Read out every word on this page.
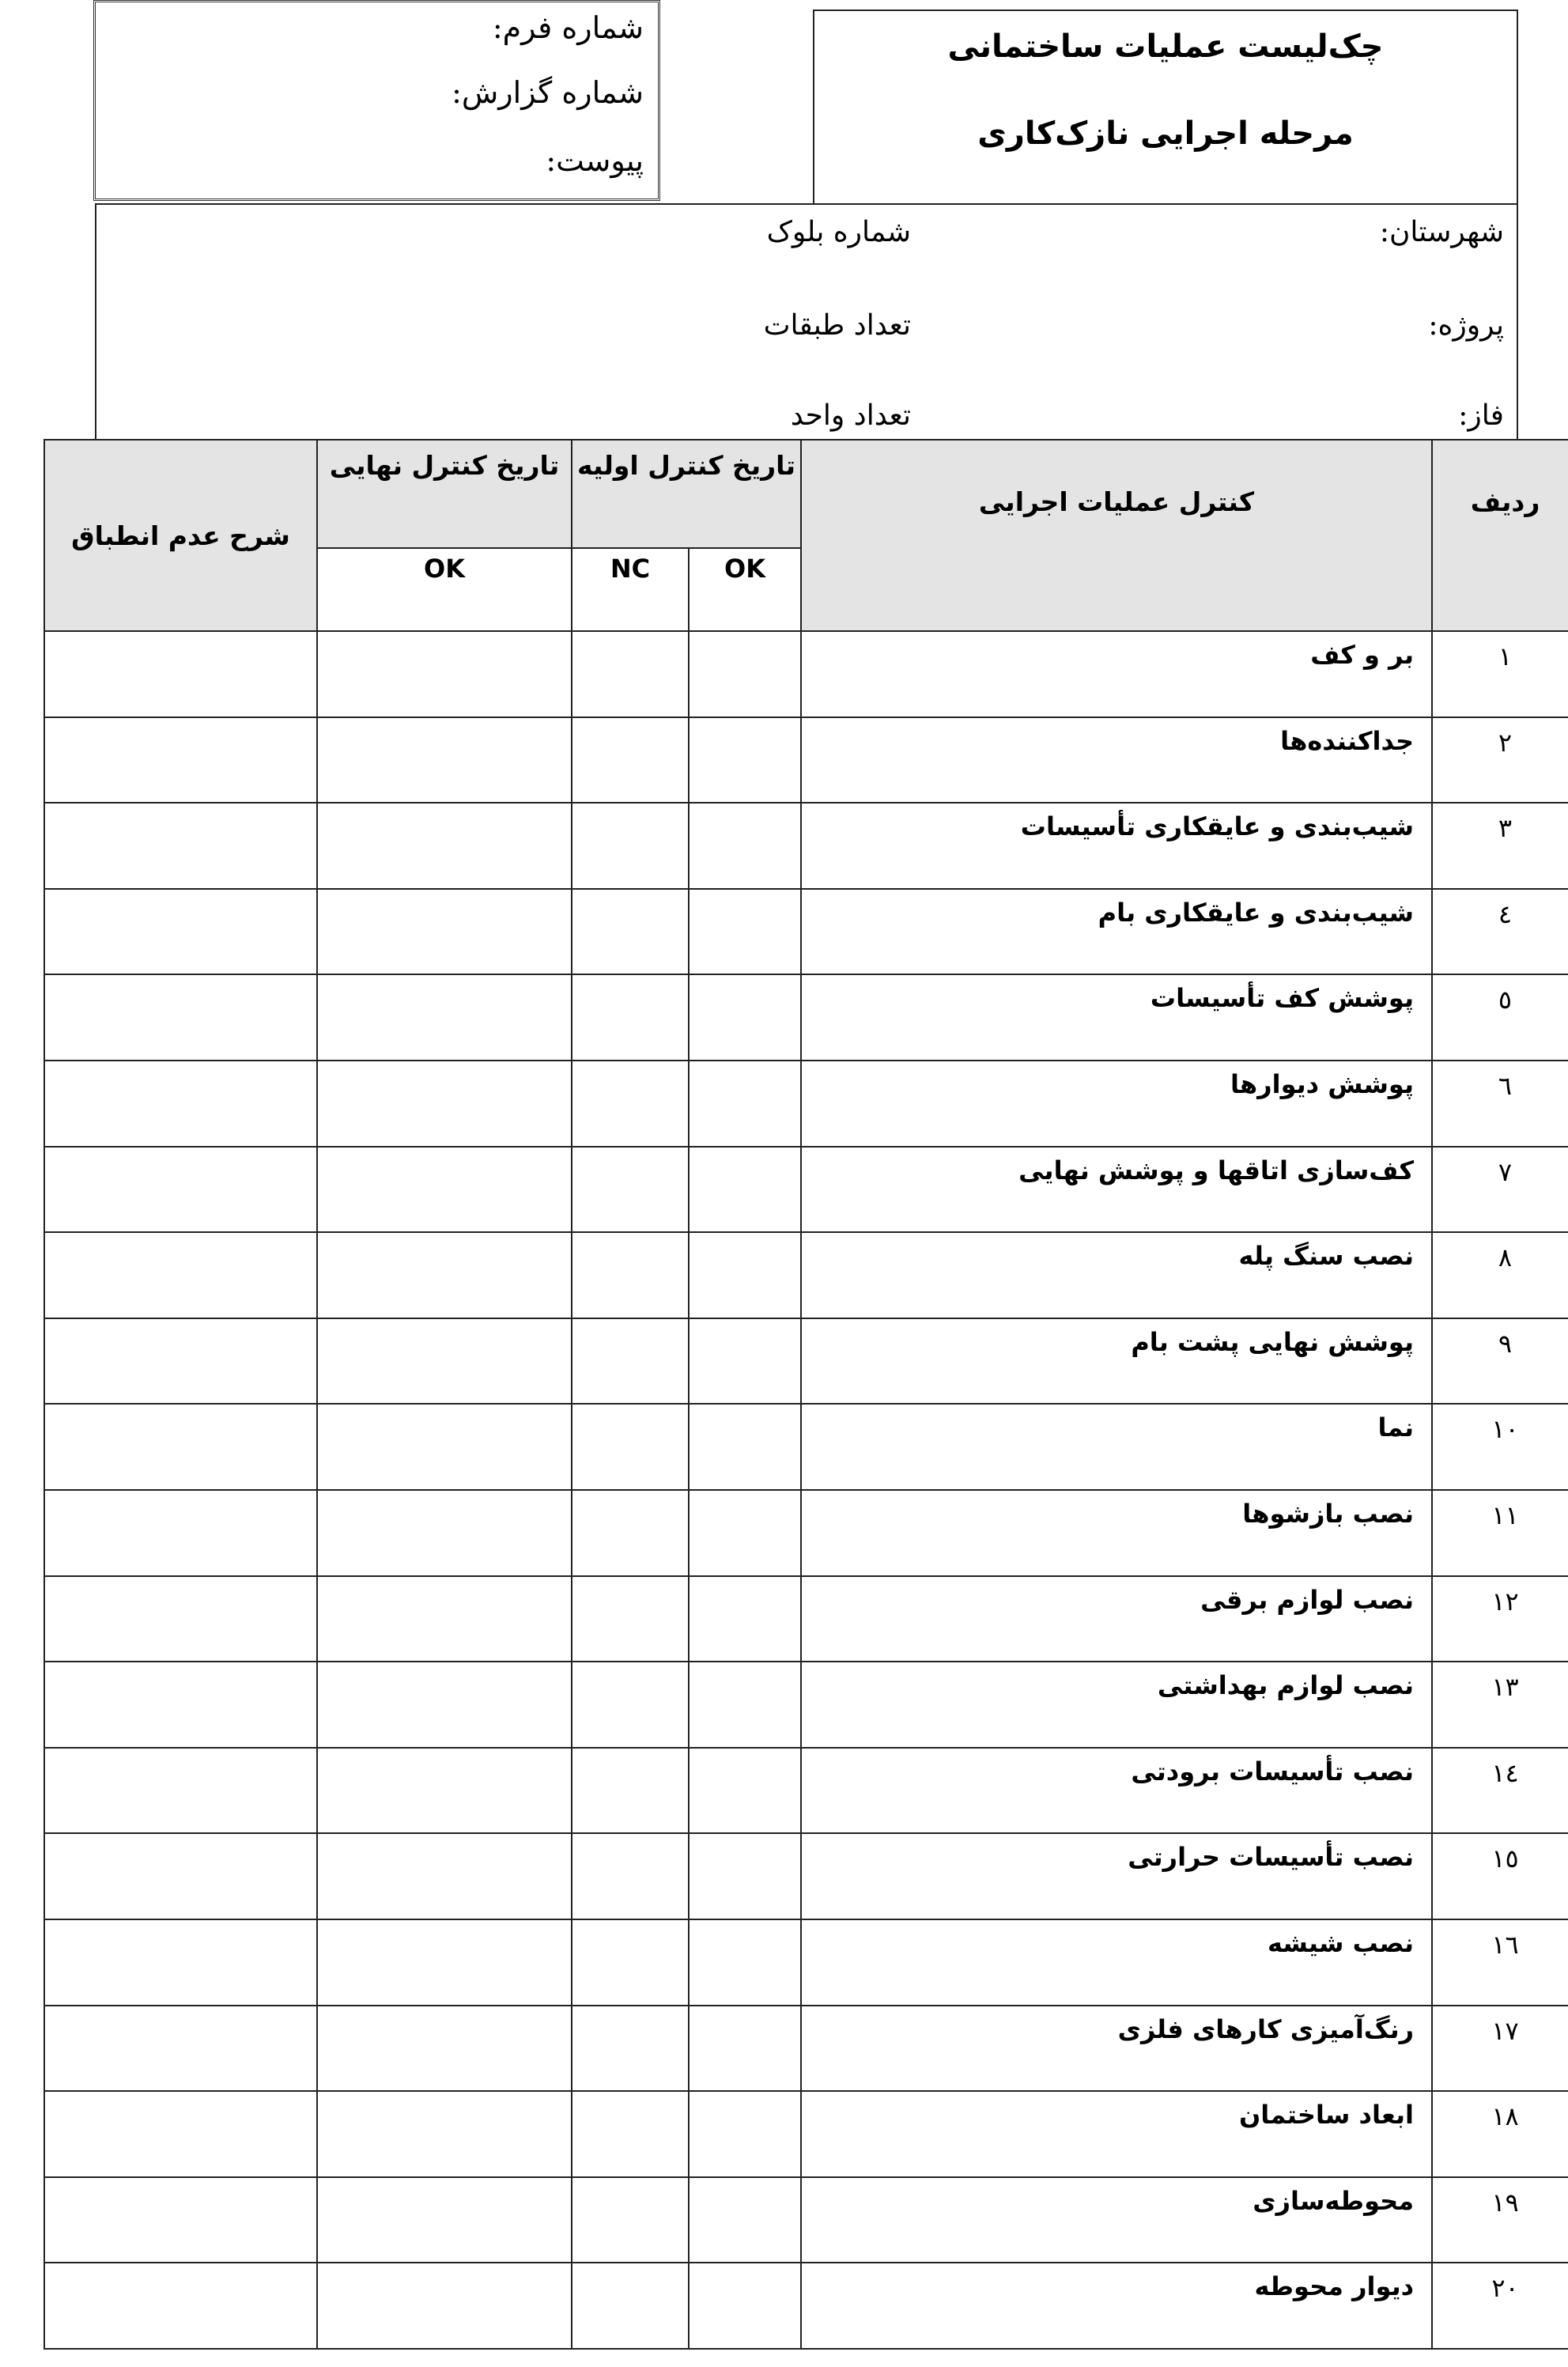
شماره فرم:
شماره گزارش:
پیوست:
چک‌لیست عملیات ساختمانی
مرحله اجرایی نازک‌کاری
شهرستان:
پروژه:
فاز:
شماره بلوک
تعداد طبقات
تعداد واحد
شرح عدم انطباق	تاریخ کنترل نهایی	تاریخ کنترل اولیه		کنترل عملیات اجرایی	ردیف
	OK	NC	OK		
				بر و کف	۱
				جداکننده‌ها	۲
				شیب‌بندی و عایقکاری تأسیسات	۳
				شیب‌بندی و عایقکاری بام	٤
				پوشش کف تأسیسات	٥
				پوشش دیوارها	٦
				کف‌سازی اتاقها و پوشش نهایی	۷
				نصب سنگ پله	۸
				پوشش نهایی پشت بام	۹
				نما	۱۰
				نصب بازشوها	۱۱
				نصب لوازم برقی	۱۲
				نصب لوازم بهداشتی	۱۳
				نصب تأسیسات برودتی	١٤
				نصب تأسیسات حرارتی	١٥
				نصب شیشه	١٦
				رنگ‌آمیزی کارهای فلزی	۱۷
				ابعاد ساختمان	۱۸
				محوطه‌سازی	۱۹
				دیوار محوطه	۲۰
